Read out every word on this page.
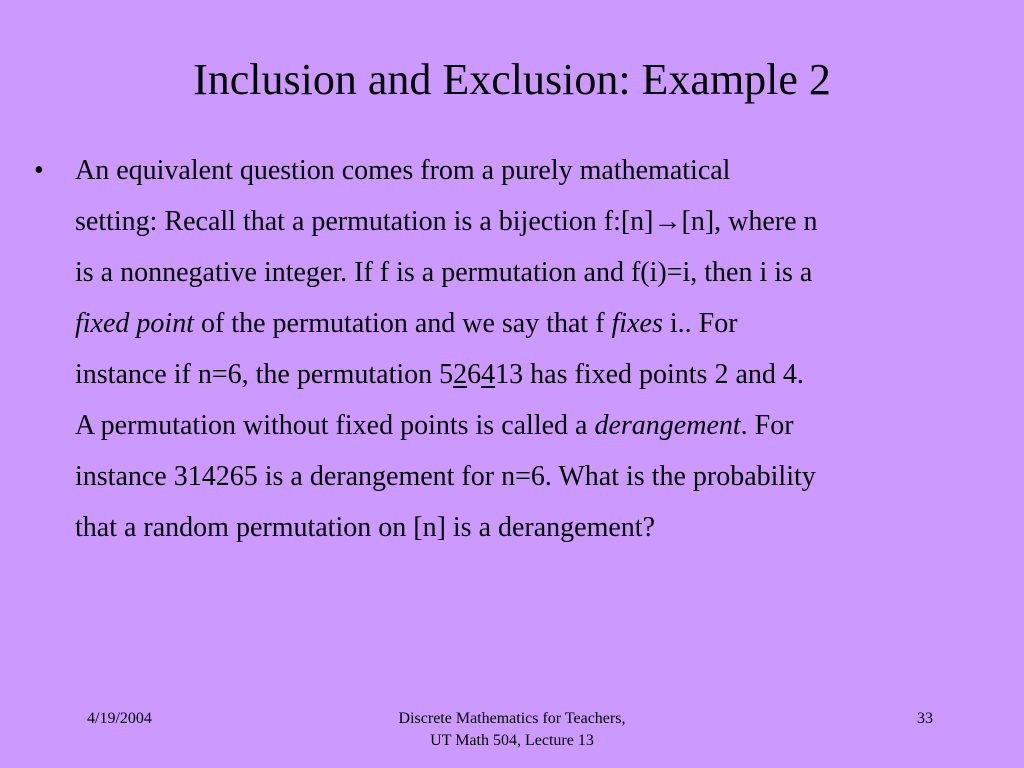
Inclusion and Exclusion: Example 2
• An equivalent question comes from a purely mathematical
setting: Recall that a permutation is a bijection f:[n]→[n], where n
is a nonnegative integer. If f is a permutation and f(i)=i, then i is a
fixed point of the permutation and we say that f fixes i.. For
instance if n=6, the permutation 526413 has fixed points 2 and 4.
A permutation without fixed points is called a derangement. For
instance 314265 is a derangement for n=6. What is the probability
that a random permutation on [n] is a derangement?
4/19/2004	Discrete Mathematics for Teachers,
UT Math 504, Lecture 13
33
